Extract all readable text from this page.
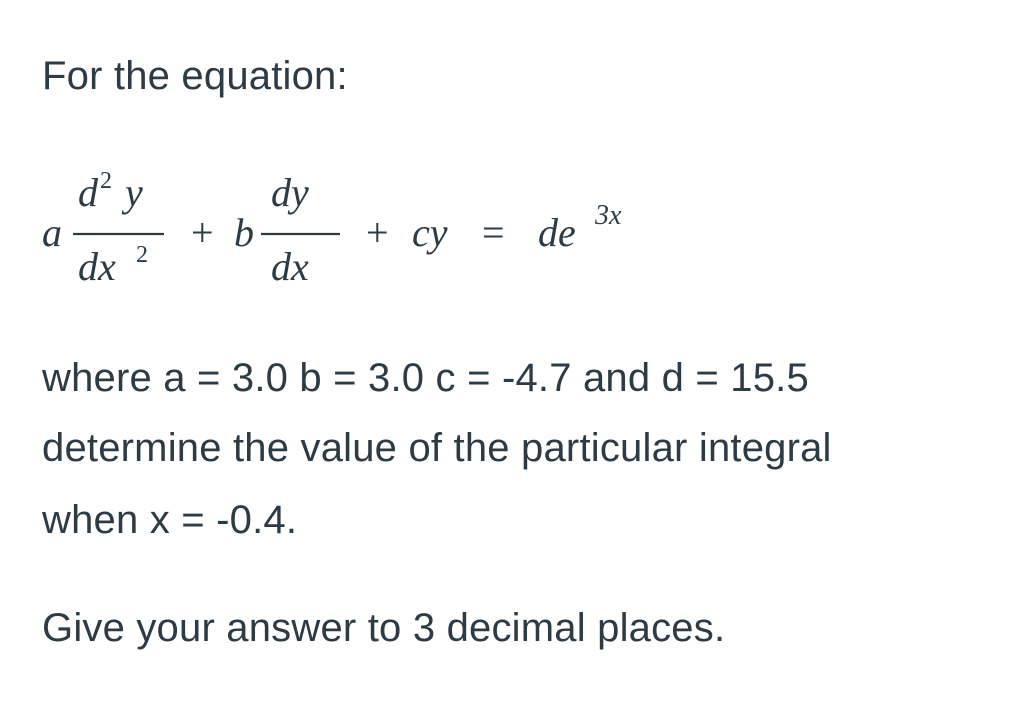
For the equation:
a
d 2 y
dx 2 + b
dy
dx
+ cy = de 3x
where a = 3.0 b = 3.0 c = -4.7 and d = 15.5
determine the value of the particular integral
when x = -0.4.
Give your answer to 3 decimal places.
